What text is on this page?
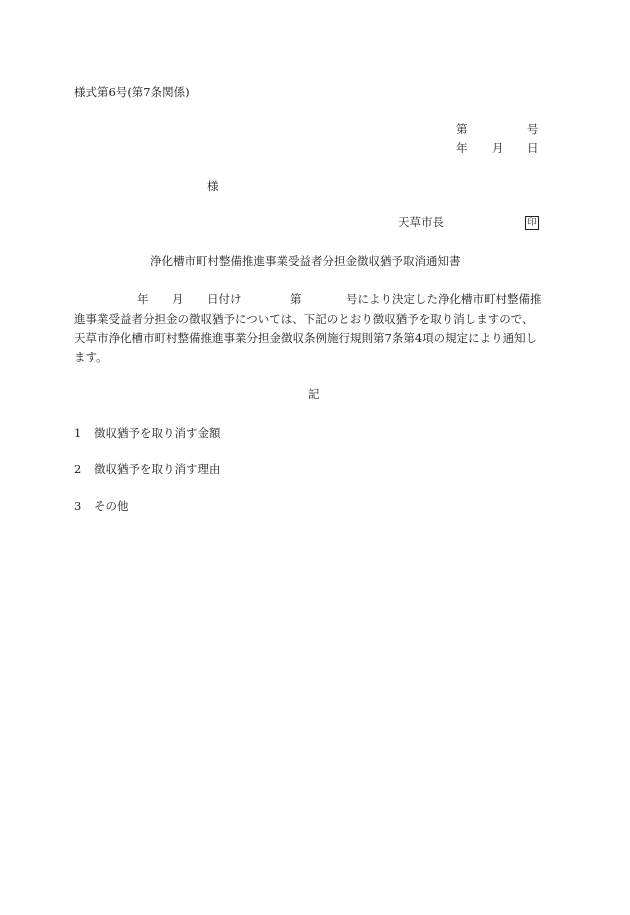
様式第6号(第7条関係)
第	号
年 月 日
様
天草市長	印
浄化槽市町村整備推進事業受益者分担金徴収猶予取消通知書
年 月 日付け	第	号により決定した浄化槽市町村整備推
進事業受益者分担金の徴収猶予については、下記のとおり徴収猶予を取り消しますので、
天草市浄化槽市町村整備推進事業分担金徴収条例施行規則第7条第4項の規定により通知し
ます。
記
1 徴収猶予を取り消す金額
2 徴収猶予を取り消す理由
3 その他
